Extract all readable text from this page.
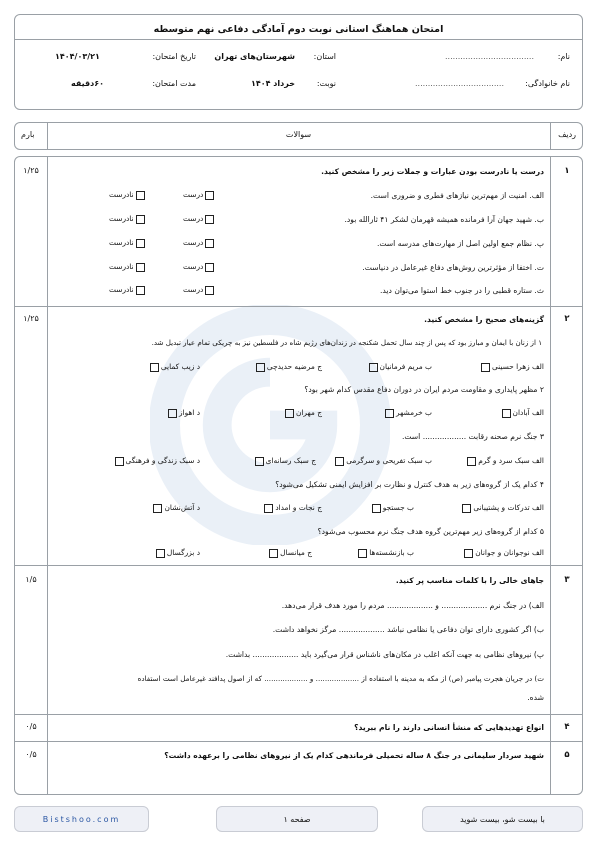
امتحان هماهنگ استانی نوبت دوم آمادگی دفاعی نهم متوسطه
نام:
...................................
نام خانوادگی:
...................................
استان:
شهرستان‌های تهران
نوبت:
خرداد ۱۴۰۴
تاریخ امتحان:
۱۴۰۴/۰۳/۲۱
مدت امتحان:
۶۰دقیقه
ردیف
سوالات
بارم
۱
۱/۲۵	درست یا نادرست بودن عبارات و جملات زیر را مشخص کنید.
الف. امنیت از مهم‌ترین نیازهای فطری و ضروری است.
ب. شهید جهان آرا فرمانده همیشه قهرمان لشکر ۴۱ ثارالله بود.
پ. نظام جمع اولین اصل از مهارت‌های مدرسه است.
ت. اختفا از مؤثرترین روش‌های دفاع غیرعامل در دنیاست.
ث. ستاره قطبی را در جنوب خط استوا می‌توان دید.
درست
نادرست
درست
نادرست
درست
نادرست
درست
نادرست
درست
نادرست
۲
۱/۲۵	گزینه‌های صحیح را مشخص کنید.
۱ از زنان با ایمان و مبارز بود که پس از چند سال تحمل شکنجه در زندان‌های رژیم شاه در فلسطین نیز به چریکی تمام عیار تبدیل شد.
الف زهرا حسینی
ب مریم فرمانیان
ج مرضیه حدیدچی
د زیب کمایی
۲ مظهر پایداری و مقاومت مردم ایران در دوران دفاع مقدس کدام شهر بود؟
الف آبادان
ب خرمشهر
ج مهران
د اهواز
۳ جنگ نرم صحنه رقابت .................. است.
الف سبک سرد و گرم
ب سبک تفریحی و سرگرمی
ج سبک رسانه‌ای
د سبک زندگی و فرهنگی
۴ کدام یک از گروه‌های زیر به هدف کنترل و نظارت بر افزایش ایمنی تشکیل می‌شود؟
الف تدرکات و پشتیبانی
ب جستجو
ج نجات و امداد
د آتش‌نشان
۵ کدام از گروه‌های زیر مهم‌ترین گروه هدف جنگ نرم محسوب می‌شود؟
الف نوجوانان و جوانان
ب بازنشسته‌ها
ج میانسال
د بزرگسال
۳
۱/۵	جاهای خالی را با کلمات مناسب پر کنید.
الف) در جنگ نرم ................... و ................... مردم را مورد هدف قرار می‌دهد.
ب) اگر کشوری دارای توان دفاعی یا نظامی نباشد ................... مرگز نخواهد داشت.
پ) نیروهای نظامی به جهت آنکه اغلب در مکان‌های ناشناس قرار می‌گیرد باید ................... بداشت.
ت) در جریان هجرت پیامبر (ص) از مکه به مدینه با استفاده از ................... و ................... که از اصول پدافند غیرعامل است استفاده
شده.
۴
۰/۵	انواع تهدیدهایی که منشأ انسانی دارند را نام ببرید؟
۵
۰/۵	شهید سردار سلیمانی در جنگ ۸ ساله تحمیلی فرماندهی کدام یک از نیروهای نظامی را برعهده داشت؟
Bistshoo.com	صفحه ۱	با بیست شو، بیست شوید
